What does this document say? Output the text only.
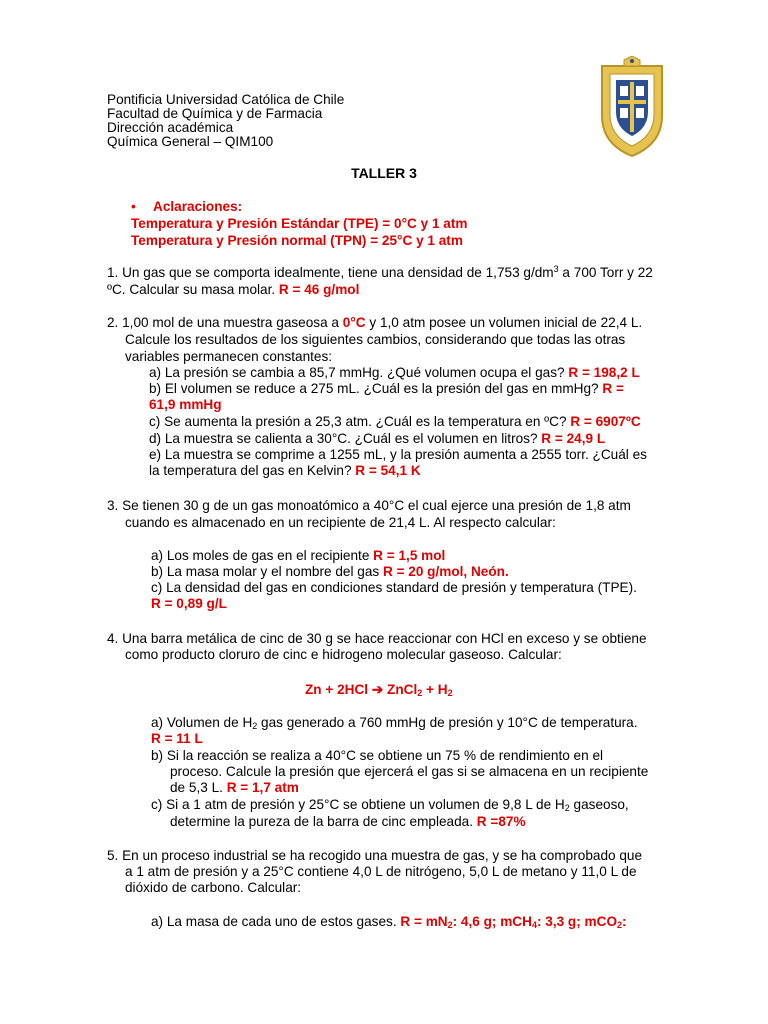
Pontificia Universidad Católica de Chile
Facultad de Química y de Farmacia
Dirección académica
Química General – QIM100
TALLER 3
• Aclaraciones:
Temperatura y Presión Estándar (TPE) = 0°C y 1 atm
Temperatura y Presión normal (TPN) = 25°C y 1 atm
1. Un gas que se comporta idealmente, tiene una densidad de 1,753 $g/dm^3$ a 700 Torr y 22
ºC. Calcular su masa molar. R = 46 g/mol
2. 1,00 mol de una muestra gaseosa a 0°C y 1,0 atm posee un volumen inicial de 22,4 L.
Calcule los resultados de los siguientes cambios, considerando que todas las otras
variables permanecen constantes:
a) La presión se cambia a 85,7 mmHg. ¿Qué volumen ocupa el gas? R = 198,2 L
b) El volumen se reduce a 275 mL. ¿Cuál es la presión del gas en mmHg? R =
61,9 mmHg
c) Se aumenta la presión a 25,3 atm. ¿Cuál es la temperatura en ºC? R = 6907ºC
d) La muestra se calienta a 30°C. ¿Cuál es el volumen en litros? R = 24,9 L
e) La muestra se comprime a 1255 mL, y la presión aumenta a 2555 torr. ¿Cuál es
la temperatura del gas en Kelvin? R = 54,1 K
3. Se tienen 30 g de un gas monoatómico a 40°C el cual ejerce una presión de 1,8 atm
cuando es almacenado en un recipiente de 21,4 L. Al respecto calcular:
a) Los moles de gas en el recipiente R = 1,5 mol
b) La masa molar y el nombre del gas R = 20 g/mol, Neón.
c) La densidad del gas en condiciones standard de presión y temperatura (TPE).
R = 0,89 g/L
4. Una barra metálica de cinc de 30 g se hace reaccionar con HCl en exceso y se obtiene
como producto cloruro de cinc e hidrogeno molecular gaseoso. Calcular:
Zn + 2HCl ➔ ZnCl$_2$ + $H_2$
a) Volumen de $H_2$ gas generado a 760 mmHg de presión y 10°C de temperatura.
R = 11 L
b) Si la reacción se realiza a 40°C se obtiene un 75 % de rendimiento en el
proceso. Calcule la presión que ejercerá el gas si se almacena en un recipiente
de 5,3 L. R = 1,7 atm
c) Si a 1 atm de presión y 25°C se obtiene un volumen de 9,8 L de $H_2$ gaseoso,
determine la pureza de la barra de cinc empleada. R =87%
5. En un proceso industrial se ha recogido una muestra de gas, y se ha comprobado que
a 1 atm de presión y a 25°C contiene 4,0 L de nitrógeno, 5,0 L de metano y 11,0 L de
dióxido de carbono. Calcular:
a) La masa de cada uno de estos gases. $R = mN_2$: 4,6 g; mCH$_4$: 3,3 g; mCO$_2$:
